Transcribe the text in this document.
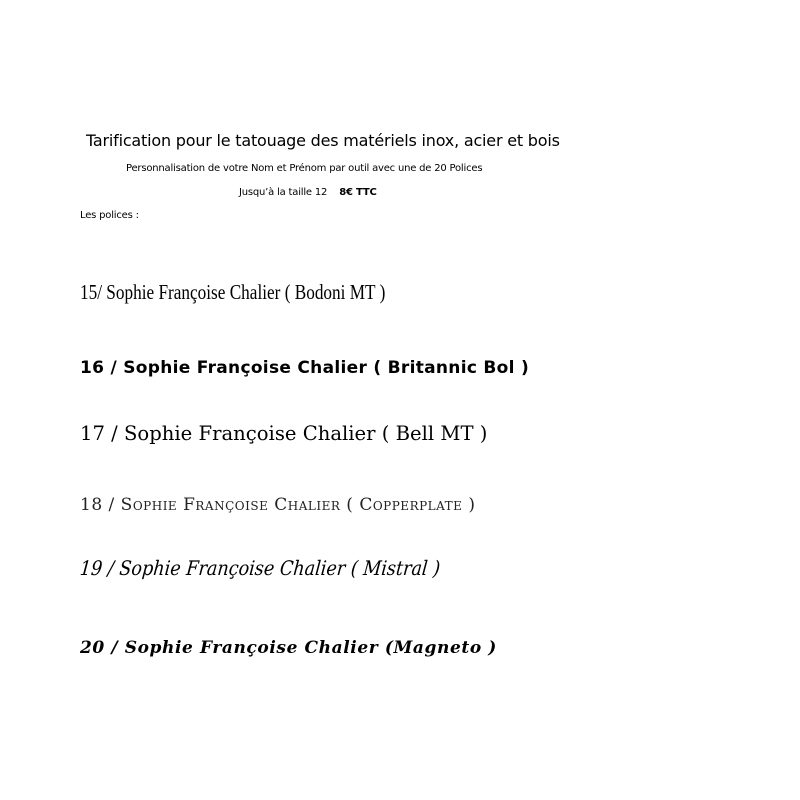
Tarification pour le tatouage des matériels inox, acier et bois
Personnalisation de votre Nom et Prénom par outil avec une de 20 Polices
Jusqu’à la taille 12 8€ TTC
Les polices :
15/ Sophie Françoise Chalier ( Bodoni MT )
16 / Sophie Françoise Chalier ( Britannic Bol )
17 / Sophie Françoise Chalier ( Bell MT )
18 / Sophie Françoise Chalier ( Copperplate )
19 / Sophie Françoise Chalier ( Mistral )
20 / Sophie Françoise Chalier (Magneto )
